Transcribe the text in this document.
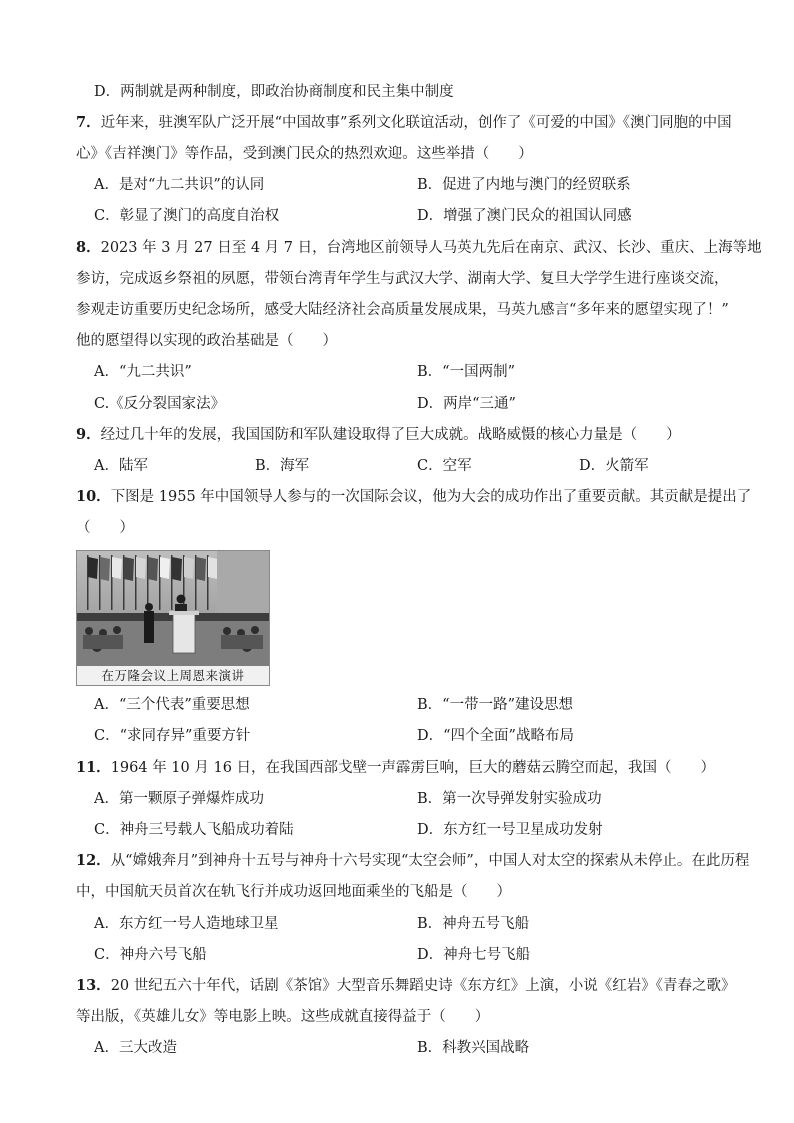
D．两制就是两种制度，即政治协商制度和民主集中制度
7．近年来，驻澳军队广泛开展“中国故事”系列文化联谊活动，创作了《可爱的中国》《澳门同胞的中国
心》《吉祥澳门》等作品，受到澳门民众的热烈欢迎。这些举措（　　）
A．是对“九二共识”的认同	B．促进了内地与澳门的经贸联系
C．彰显了澳门的高度自治权	D．增强了澳门民众的祖国认同感
8．2023 年 3 月 27 日至 4 月 7 日，台湾地区前领导人马英九先后在南京、武汉、长沙、重庆、上海等地
参访，完成返乡祭祖的夙愿，带领台湾青年学生与武汉大学、湖南大学、复旦大学学生进行座谈交流，
参观走访重要历史纪念场所，感受大陆经济社会高质量发展成果，马英九感言“多年来的愿望实现了！”
他的愿望得以实现的政治基础是（　　）
A．“九二共识”	B．“一国两制”
C.《反分裂国家法》	D．两岸“三通”
9．经过几十年的发展，我国国防和军队建设取得了巨大成就。战略威慑的核心力量是（　　）
A．陆军	B．海军	C．空军	D．火箭军
10．下图是 1955 年中国领导人参与的一次国际会议，他为大会的成功作出了重要贡献。其贡献是提出了
（　　）
在万隆会议上周恩来演讲
A．“三个代表”重要思想	B．“一带一路”建设思想
C．“求同存异”重要方针	D．“四个全面”战略布局
11．1964 年 10 月 16 日，在我国西部戈壁一声霹雳巨响，巨大的蘑菇云腾空而起，我国（　　）
A．第一颗原子弹爆炸成功	B．第一次导弹发射实验成功
C．神舟三号载人飞船成功着陆	D．东方红一号卫星成功发射
12．从“嫦娥奔月”到神舟十五号与神舟十六号实现“太空会师”，中国人对太空的探索从未停止。在此历程
中，中国航天员首次在轨飞行并成功返回地面乘坐的飞船是（　　）
A．东方红一号人造地球卫星	B．神舟五号飞船
C．神舟六号飞船	D．神舟七号飞船
13．20 世纪五六十年代，话剧《茶馆》大型音乐舞蹈史诗《东方红》上演，小说《红岩》《青春之歌》
等出版，《英雄儿女》等电影上映。这些成就直接得益于（　　）
A．三大改造	B．科教兴国战略
